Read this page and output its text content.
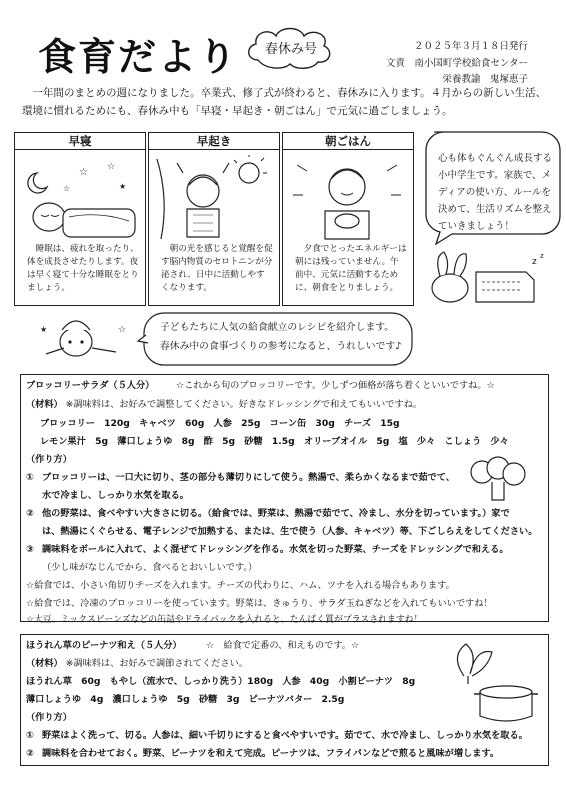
食育だより	春休み号	２０２５年３月１８日発行
文責　南小国町学校給食センター
栄養教諭　鬼塚恵子
一年間のまとめの週になりました。卒業式、修了式が終わると、春休みに入ります。４月からの新しい生活、環境に慣れるためにも、春休み中も「早寝・早起き・朝ごはん」で元気に過ごしましょう。
早寝
☆ ☆
★
☆
睡眠は、疲れを取ったり、体を成長させたりします。夜は早く寝て十分な睡眠をとりましょう。
早起き
朝の光を感じると覚醒を促す脳内物質のセロトニンが分泌され、日中に活動しやすくなります。
朝ごはん
夕食でとったエネルギーは朝には残っていません。午前中、元気に活動するために、朝食をとりましょう。
心も体もぐんぐん成長する小中学生です。家族で、メディアの使い方、ルールを決めて、生活リズムを整えていきましょう！
z
z
☆
★	子どもたちに人気の給食献立のレシピを紹介します。
春休み中の食事づくりの参考になると、うれしいです♪
ブロッコリーサラダ（５人分） ☆これから旬のブロッコリーです。少しずつ価格が落ち着くといいですね。☆
（材料） ※調味料は、お好みで調整してください。好きなドレッシングで和えてもいいですね。
ブロッコリー　120g　キャベツ　60g　人参　25g　コーン缶　30g　チーズ　15g
レモン果汁　5g　薄口しょうゆ　8g　酢　5g　砂糖　1.5g　オリーブオイル　5g　塩　少々　こしょう　少々
（作り方）
① ブロッコリーは、一口大に切り、茎の部分も薄切りにして使う。熱湯で、柔らかくなるまで茹でて、
水で冷まし、しっかり水気を取る。
② 他の野菜は、食べやすい大きさに切る。（給食では、野菜は、熱湯で茹でて、冷まし、水分を切っています。）家で
は、熱湯にくぐらせる、電子レンジで加熱する、または、生で使う（人参、キャベツ）等、下ごしらえをしてください。
③ 調味料をボールに入れて、よく混ぜてドレッシングを作る。水気を切った野菜、チーズをドレッシングで和える。
（少し味がなじんでから、食べるとおいしいです。）
☆給食では、小さい角切りチーズを入れます。チーズの代わりに、ハム、ツナを入れる場合もあります。
☆給食では、冷凍のブロッコリーを使っています。野菜は、きゅうり、サラダ玉ねぎなどを入れてもいいですね！
☆大豆、ミックスビーンズなどの缶詰やドライパックを入れると、たんぱく質がプラスされますね！
ほうれん草のピーナツ和え（５人分）	☆　給食で定番の、和えものです。☆
（材料） ※調味料は、お好みで調節されてください。
ほうれん草　60g　もやし（流水で、しっかり洗う）180g　人参　40g　小割ピーナツ　8g
薄口しょうゆ　4g　濃口しょうゆ　5g　砂糖　3g　ピーナツバター　2.5g
（作り方）
① 野菜はよく洗って、切る。人参は、細い千切りにすると食べやすいです。茹でて、水で冷まし、しっかり水気を取る。
② 調味料を合わせておく。野菜、ピーナツを和えて完成。ピーナツは、フライパンなどで煎ると風味が増します。
